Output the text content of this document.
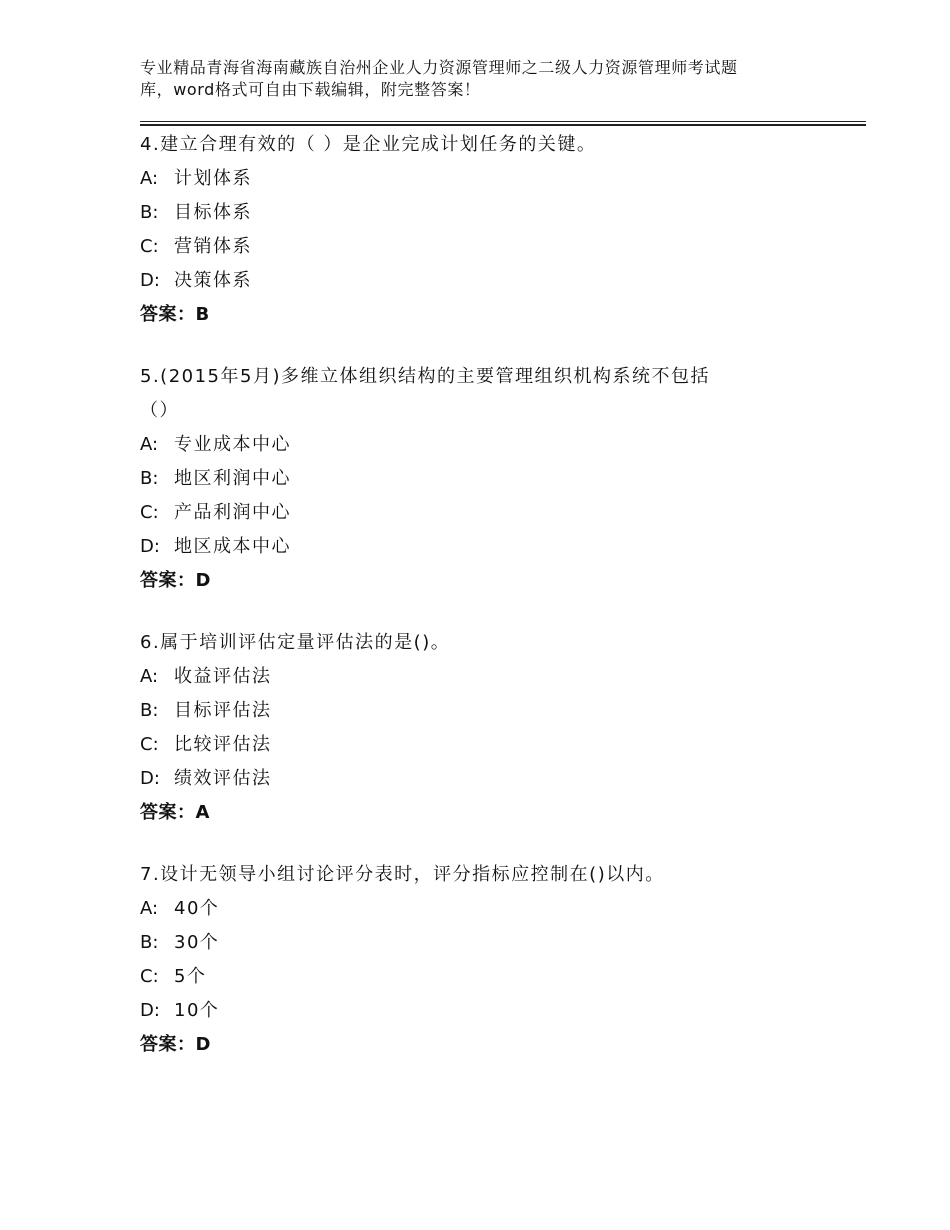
专业精品青海省海南藏族自治州企业人力资源管理师之二级人力资源管理师考试题
库，word格式可自由下载编辑，附完整答案！
4.建立合理有效的（ ）是企业完成计划任务的关键。
A: 计划体系
B: 目标体系
C: 营销体系
D: 决策体系
答案：B
5.(2015年5月)多维立体组织结构的主要管理组织机构系统不包括
（）
A: 专业成本中心
B: 地区利润中心
C: 产品利润中心
D: 地区成本中心
答案：D
6.属于培训评估定量评估法的是()。
A: 收益评估法
B: 目标评估法
C: 比较评估法
D: 绩效评估法
答案：A
7.设计无领导小组讨论评分表时，评分指标应控制在()以内。
A: 40个
B: 30个
C: 5个
D: 10个
答案：D
